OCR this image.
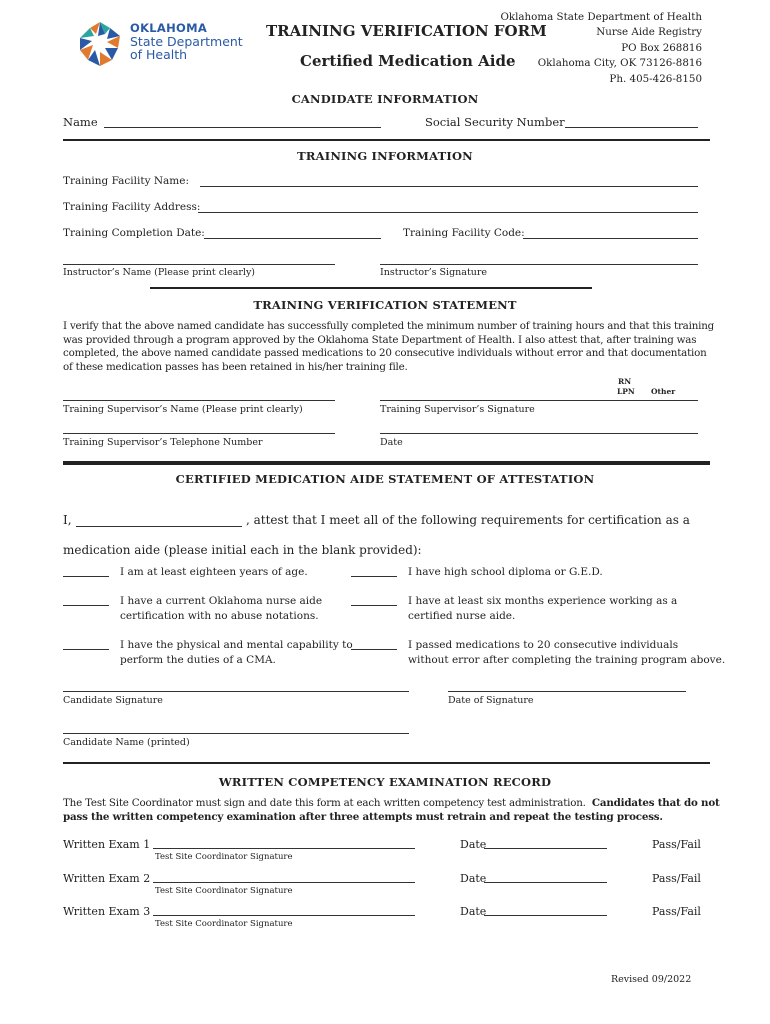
OKLAHOMA
State Department
of Health
TRAINING VERIFICATION FORM
Certified Medication Aide
Oklahoma State Department of Health
Nurse Aide Registry
PO Box 268816
Oklahoma City, OK 73126-8816
Ph. 405-426-8150
CANDIDATE INFORMATION
Name	Social Security Number
TRAINING INFORMATION
Training Facility Name:
Training Facility Address:
Training Completion Date:	Training Facility Code:
Instructor’s Name (Please print clearly)	Instructor’s Signature
TRAINING VERIFICATION STATEMENT
I verify that the above named candidate has successfully completed the minimum number of training hours and that this training
was provided through a program approved by the Oklahoma State Department of Health. I also attest that, after training was
completed, the above named candidate passed medications to 20 consecutive individuals without error and that documentation
of these medication passes has been retained in his/her training file.
RN
LPN Other
Training Supervisor’s Name (Please print clearly)	Training Supervisor’s Signature
Training Supervisor’s Telephone Number	Date
CERTIFIED MEDICATION AIDE STATEMENT OF ATTESTATION
I,	, attest that I meet all of the following requirements for certification as a
medication aide (please initial each in the blank provided):
I am at least eighteen years of age.	I have high school diploma or G.E.D.
I have a current Oklahoma nurse aide
certification with no abuse notations.
I have at least six months experience working as a
certified nurse aide.
I have the physical and mental capability to
perform the duties of a CMA.
I passed medications to 20 consecutive individuals
without error after completing the training program above.
Candidate Signature	Date of Signature
Candidate Name (printed)
WRITTEN COMPETENCY EXAMINATION RECORD
The Test Site Coordinator must sign and date this form at each written competency test administration. Candidates that do not
pass the written competency examination after three attempts must retrain and repeat the testing process.
Written Exam 1
Test Site Coordinator Signature
Date	Pass/Fail
Written Exam 2
Test Site Coordinator Signature
Date	Pass/Fail
Written Exam 3
Test Site Coordinator Signature
Date	Pass/Fail
Revised 09/2022
